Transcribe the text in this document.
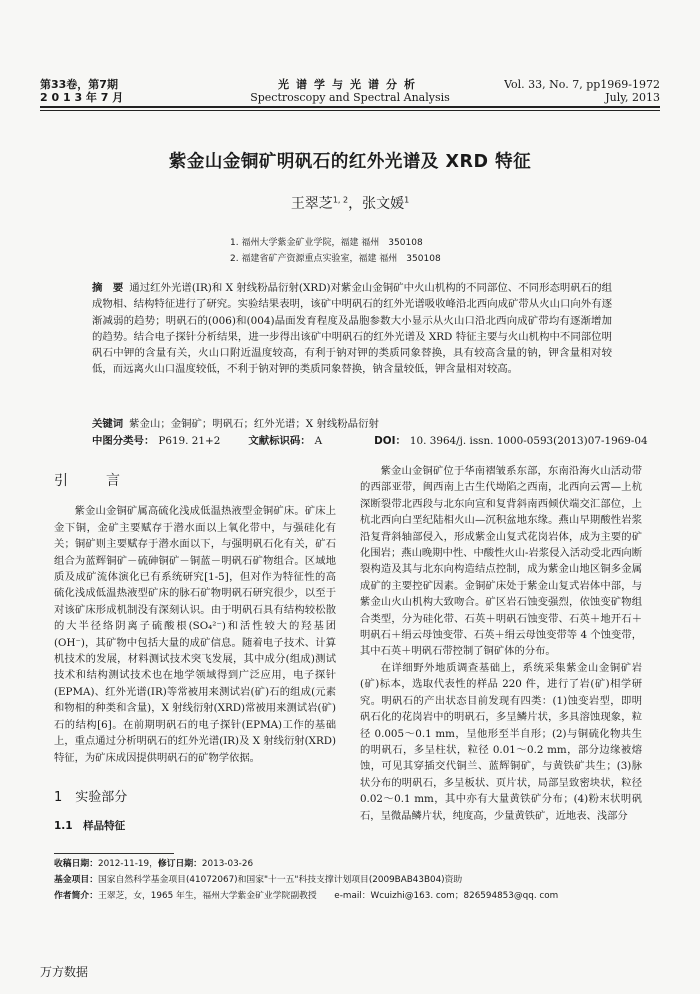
第33卷，第7期
2 0 1 3 年 7 月
光谱学与光谱分析
Spectroscopy and Spectral Analysis
Vol. 33, No. 7, pp1969-1972
July, 2013
紫金山金铜矿明矾石的红外光谱及 XRD 特征
王翠芝$^{1, 2}$，张文媛$^1$
1. 福州大学紫金矿业学院，福建 福州　350108
2. 福建省矿产资源重点实验室，福建 福州　350108
摘　要 通过红外光谱(IR)和 X 射线粉晶衍射(XRD)对紫金山金铜矿中火山机构的不同部位、不同形态明矾石的组成物相、结构特征进行了研究。实验结果表明，该矿中明矾石的红外光谱吸收峰沿北西向成矿带从火山口向外有逐渐减弱的趋势；明矾石的(006)和(004)晶面发育程度及晶胞参数大小显示从火山口沿北西向成矿带均有逐渐增加的趋势。结合电子探针分析结果，进一步得出该矿中明矾石的红外光谱及 XRD 特征主要与火山机构中不同部位明矾石中钾的含量有关，火山口附近温度较高，有利于钠对钾的类质同象替换，具有较高含量的钠，钾含量相对较低，而远离火山口温度较低，不利于钠对钾的类质同象替换，钠含量较低，钾含量相对较高。
关键词 紫金山；金铜矿；明矾石；红外光谱；X 射线粉晶衍射
中图分类号： P619. 21+2	文献标识码： A	DOI： 10. 3964/j. issn. 1000-0593(2013)07-1969-04
引　言

紫金山金铜矿属高硫化浅成低温热液型金铜矿床。矿床上金下铜，金矿主要赋存于潜水面以上氧化带中，与强硅化有关；铜矿则主要赋存于潜水面以下，与强明矾石化有关，矿石组合为蓝辉铜矿－硫砷铜矿－铜蓝－明矾石矿物组合。区域地质及成矿流体演化已有系统研究[1-5]，但对作为特征性的高硫化浅成低温热液型矿床的脉石矿物明矾石研究很少，以至于对该矿床形成机制没有深刻认识。由于明矾石具有结构较松散的大半径络阴离子硫酸根(SO₄²⁻)和活性较大的羟基团(OH⁻)，其矿物中包括大量的成矿信息。随着电子技术、计算机技术的发展，材料测试技术突飞发展，其中成分(组成)测试技术和结构测试技术也在地学领域得到广泛应用，电子探针(EPMA)、红外光谱(IR)等常被用来测试岩(矿)石的组成(元素和物相的种类和含量)，X 射线衍射(XRD)常被用来测试岩(矿)石的结构[6]。在前期明矾石的电子探针(EPMA)工作的基础上，重点通过分析明矾石的红外光谱(IR)及 X 射线衍射(XRD)特征，为矿床成因提供明矾石的矿物学依据。

1　实验部分
1.1　样品特征

紫金山金铜矿位于华南褶皱系东部，东南沿海火山活动带的西部亚带，闽西南上古生代坳陷之西南，北西向云霄—上杭深断裂带北西段与北东向宣和复背斜南西倾伏端交汇部位，上杭北西向白垩纪陆相火山—沉积盆地东缘。燕山早期酸性岩浆沿复背斜轴部侵入，形成紫金山复式花岗岩体，成为主要的矿化围岩；燕山晚期中性、中酸性火山-岩浆侵入活动受北西向断裂构造及其与北东向构造结点控制，成为紫金山地区铜多金属成矿的主要控矿因素。金铜矿床处于紫金山复式岩体中部，与紫金山火山机构大致吻合。矿区岩石蚀变强烈，依蚀变矿物组合类型，分为硅化带、石英＋明矾石蚀变带、石英＋地开石＋明矾石＋绢云母蚀变带、石英＋绢云母蚀变带等 4 个蚀变带，其中石英＋明矾石带控制了铜矿体的分布。

在详细野外地质调查基础上，系统采集紫金山金铜矿岩(矿)标本，选取代表性的样品 220 件，进行了岩(矿)相学研究。明矾石的产出状态目前发现有四类：(1)蚀变岩型，即明矾石化的花岗岩中的明矾石，多呈鳞片状，多具溶蚀现象，粒径 0.005～0.1 mm，呈他形至半自形；(2)与铜硫化物共生的明矾石，多呈柱状，粒径 0.01～0.2 mm，部分边缘被熔蚀，可见其穿插交代铜兰、蓝辉铜矿，与黄铁矿共生；(3)脉状分布的明矾石，多呈板状、页片状，局部呈致密块状，粒径 0.02～0.1 mm，其中亦有大量黄铁矿分布；(4)粉末状明矾石，呈微晶鳞片状，纯度高，少量黄铁矿，近地表、浅部分

收稿日期：2012-11-19，修订日期：2013-03-26
基金项目：国家自然科学基金项目(41072067)和国家"十一五"科技支撑计划项目(2009BAB43B04)资助
作者简介：王翠芝，女，1965 年生，福州大学紫金矿业学院副教授　　e-mail：Wcuizhi@163. com；826594853@qq. com
万方数据
